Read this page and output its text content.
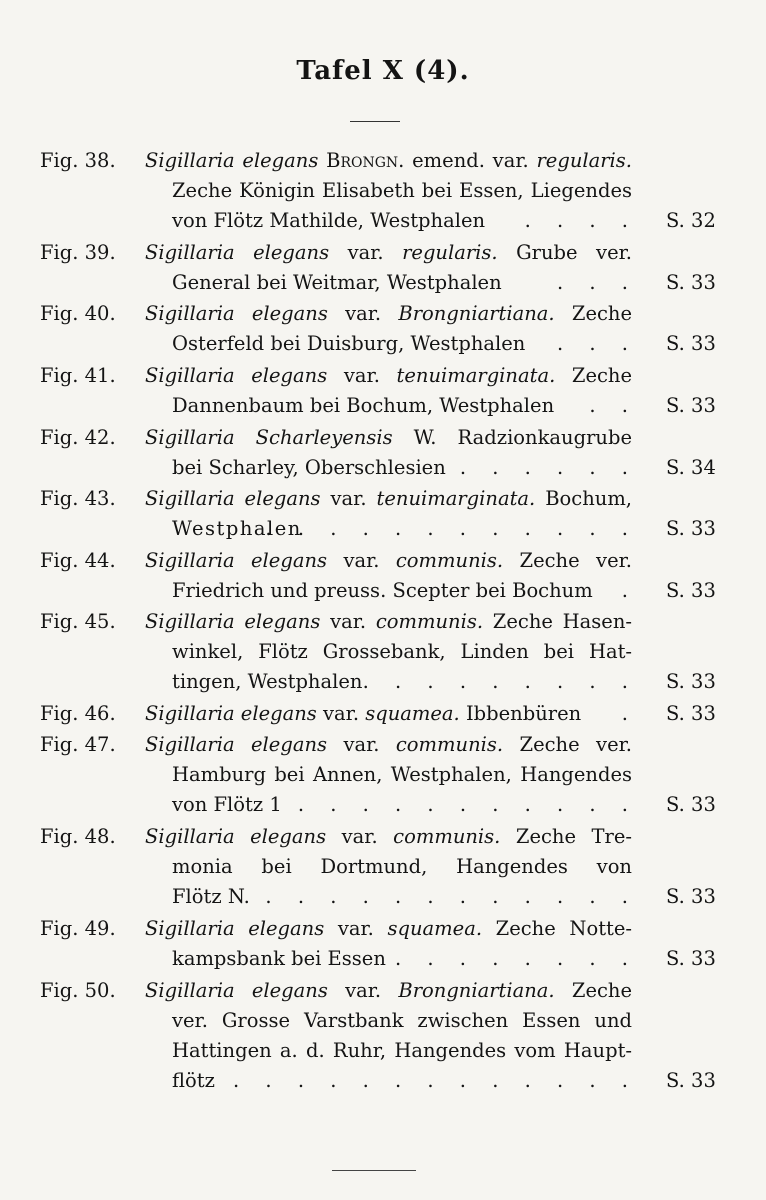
Tafel X (4).
Fig. 38. Sigillaria elegans Brongn. emend. var. regularis.
Zeche Königin Elisabeth bei Essen, Liegendes
von Flötz Mathilde, Westphalen . . . . S. 32
Fig. 39. Sigillaria elegans var. regularis. Grube ver.
General bei Weitmar, Westphalen	. . . S. 33
Fig. 40. Sigillaria elegans var. Brongniartiana. Zeche
Osterfeld bei Duisburg, Westphalen . . . S. 33
Fig. 41. Sigillaria elegans var. tenuimarginata. Zeche
Dannenbaum bei Bochum, Westphalen . . S. 33
Fig. 42. Sigillaria Scharleyensis W. Radzionkaugrube
bei Scharley, Oberschlesien . . . . . . S. 34
Fig. 43. Sigillaria elegans var. tenuimarginata. Bochum,
Westphalen
. . . . . . . . . . . . S. 33
Fig. 44. Sigillaria elegans var. communis. Zeche ver.
Friedrich und preuss. Scepter bei Bochum . S. 33
Fig. 45. Sigillaria elegans var. communis. Zeche Hasen-
winkel, Flötz Grossebank, Linden bei Hat-
tingen, Westphalen . . . . . . . . . S. 33
Fig. 46. Sigillaria elegans var. squamea. Ibbenbüren . S. 33
Fig. 47. Sigillaria elegans var. communis. Zeche ver.
Hamburg bei Annen, Westphalen, Hangendes
von Flötz 1 . . . . . . . . . . . S. 33
Fig. 48. Sigillaria elegans var. communis. Zeche Tre-
monia bei Dortmund, Hangendes von
Flötz N. . . . . . . . . . . . . S. 33
Fig. 49. Sigillaria elegans var. squamea. Zeche Notte-
kampsbank bei Essen . . . . . . . . S. 33
Fig. 50. Sigillaria elegans var. Brongniartiana. Zeche
ver. Grosse Varstbank zwischen Essen und
Hattingen a. d. Ruhr, Hangendes vom Haupt-
flötz . . . . . . . . . . . . . S. 33
